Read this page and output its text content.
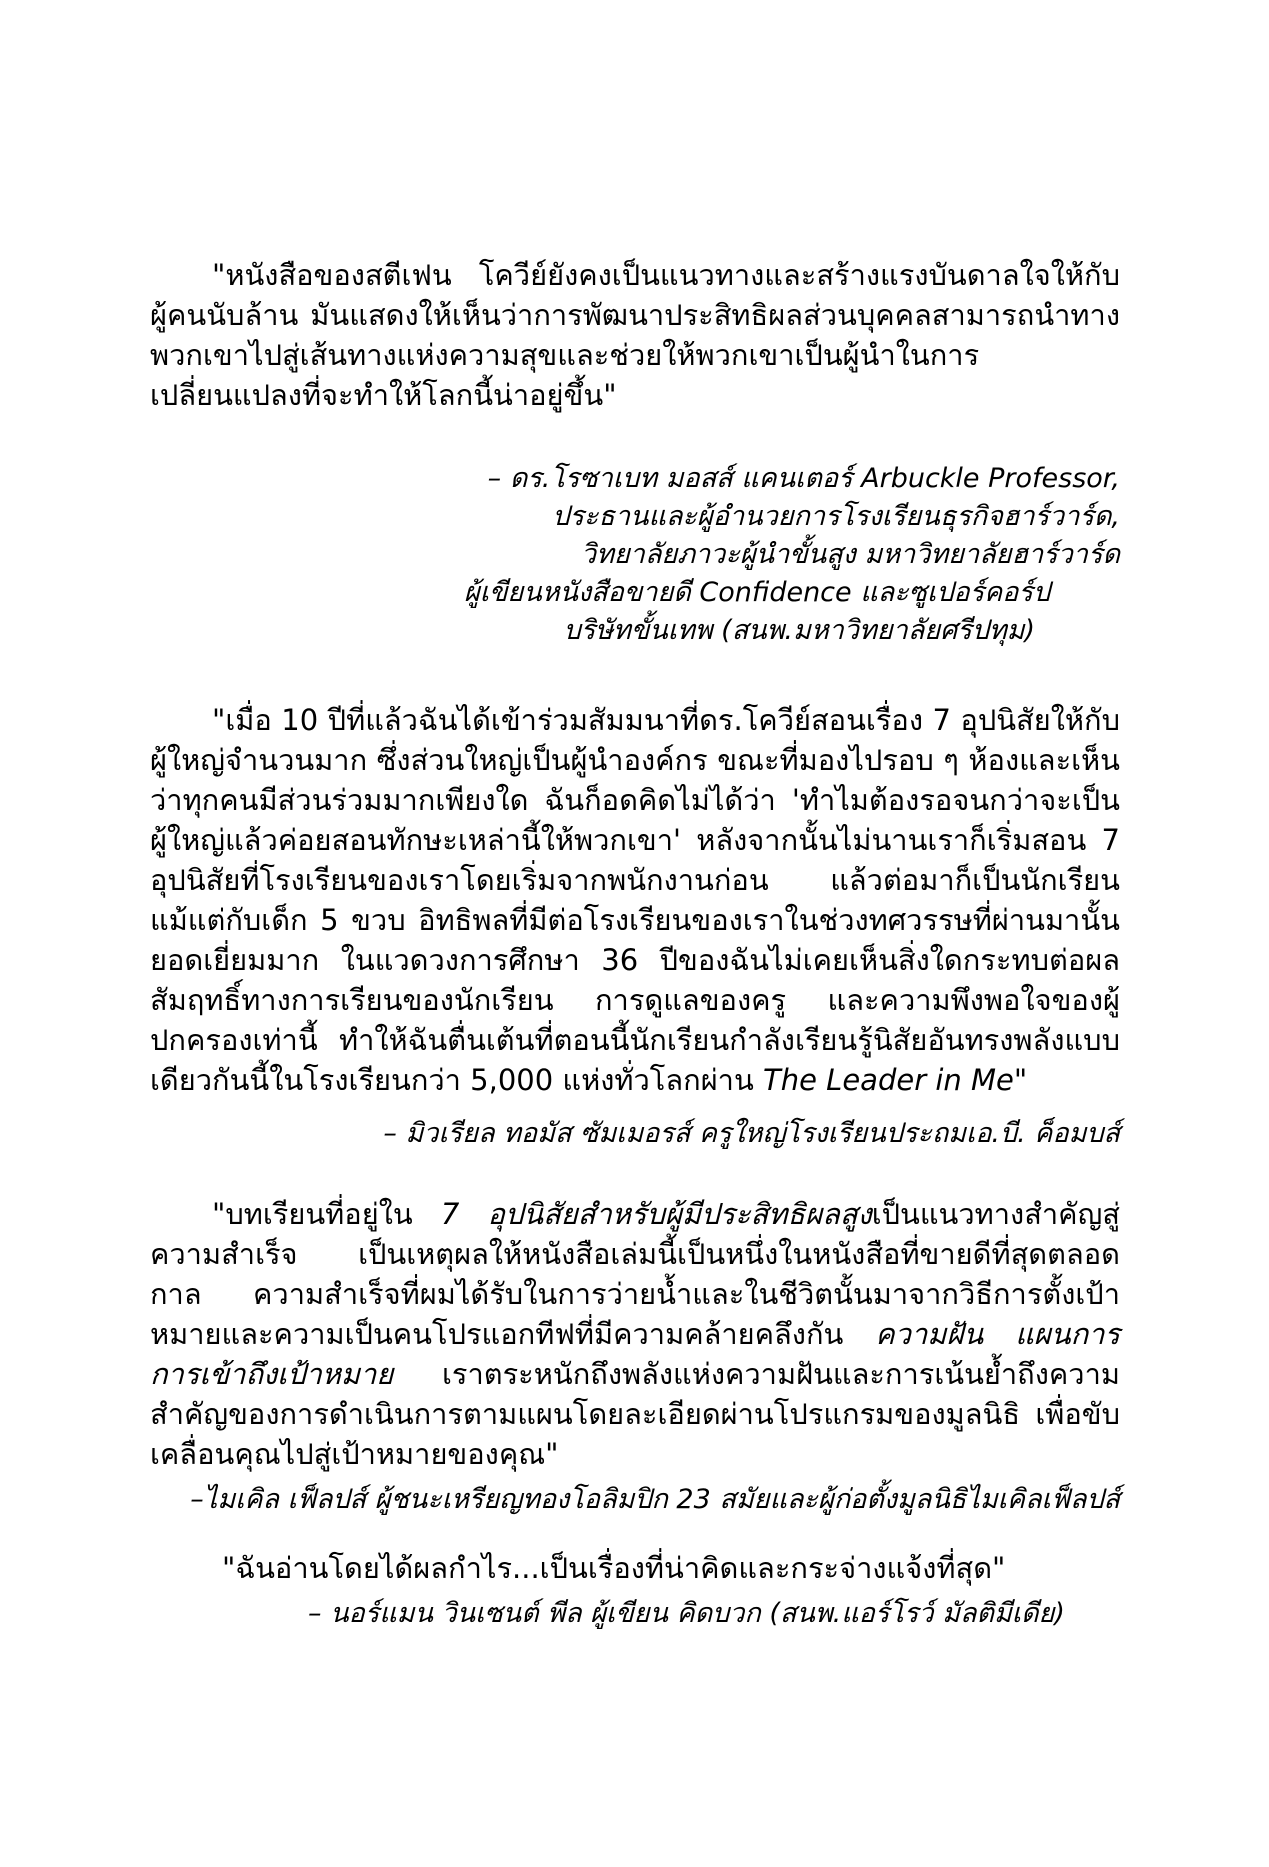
"หนังสือของสตีเฟน โควีย์ยังคงเป็นแนวทางและสร้างแรงบันดาลใจให้กับผู้คนนับล้าน มันแสดงให้เห็นว่าการพัฒนาประสิทธิผลส่วนบุคคลสามารถนำทางพวกเขาไปสู่เส้นทางแห่งความสุขและช่วยให้พวกเขาเป็นผู้นำในการเปลี่ยนแปลงที่จะทำให้โลกนี้น่าอยู่ขึ้น"

– ดร.โรซาเบท มอสส์ แคนเตอร์ Arbuckle Professor,

ประธานและผู้อำนวยการโรงเรียนธุรกิจฮาร์วาร์ด,

วิทยาลัยภาวะผู้นำขั้นสูง มหาวิทยาลัยฮาร์วาร์ด

ผู้เขียนหนังสือขายดี Confidence และซูเปอร์คอร์ป

บริษัทขั้นเทพ (สนพ.มหาวิทยาลัยศรีปทุม)

"เมื่อ 10 ปีที่แล้วฉันได้เข้าร่วมสัมมนาที่ดร.โควีย์สอนเรื่อง 7 อุปนิสัยให้กับผู้ใหญ่จำนวนมาก ซึ่งส่วนใหญ่เป็นผู้นำองค์กร ขณะที่มองไปรอบ ๆ ห้องและเห็นว่าทุกคนมีส่วนร่วมมากเพียงใด ฉันก็อดคิดไม่ได้ว่า 'ทำไมต้องรอจนกว่าจะเป็นผู้ใหญ่แล้วค่อยสอนทักษะเหล่านี้ให้พวกเขา' หลังจากนั้นไม่นานเราก็เริ่มสอน 7 อุปนิสัยที่โรงเรียนของเราโดยเริ่มจากพนักงานก่อน แล้วต่อมาก็เป็นนักเรียน แม้แต่กับเด็ก 5 ขวบ อิทธิพลที่มีต่อโรงเรียนของเราในช่วงทศวรรษที่ผ่านมานั้นยอดเยี่ยมมาก ในแวดวงการศึกษา 36 ปีของฉันไม่เคยเห็นสิ่งใดกระทบต่อผลสัมฤทธิ์ทางการเรียนของนักเรียน การดูแลของครู และความพึงพอใจของผู้ปกครองเท่านี้ ทำให้ฉันตื่นเต้นที่ตอนนี้นักเรียนกำลังเรียนรู้นิสัยอันทรงพลังแบบเดียวกันนี้ในโรงเรียนกว่า 5,000 แห่งทั่วโลกผ่าน The Leader in Me"

– มิวเรียล ทอมัส ซัมเมอรส์ ครูใหญ่โรงเรียนประถมเอ.บี. ค็อมบส์

"บทเรียนที่อยู่ใน 7 อุปนิสัยสำหรับผู้มีประสิทธิผลสูงเป็นแนวทางสำคัญสู่ความสำเร็จ เป็นเหตุผลให้หนังสือเล่มนี้เป็นหนึ่งในหนังสือที่ขายดีที่สุดตลอดกาล ความสำเร็จที่ผมได้รับในการว่ายน้ำและในชีวิตนั้นมาจากวิธีการตั้งเป้าหมายและความเป็นคนโปรแอกทีฟที่มีความคล้ายคลึงกัน ความฝัน แผนการ การเข้าถึงเป้าหมาย เราตระหนักถึงพลังแห่งความฝันและการเน้นย้ำถึงความสำคัญของการดำเนินการตามแผนโดยละเอียดผ่านโปรแกรมของมูลนิธิ เพื่อขับเคลื่อนคุณไปสู่เป้าหมายของคุณ"

–ไมเคิล เฟ็ลปส์ ผู้ชนะเหรียญทองโอลิมปิก 23 สมัยและผู้ก่อตั้งมูลนิธิไมเคิลเฟ็ลปส์

"ฉันอ่านโดยได้ผลกำไร...เป็นเรื่องที่น่าคิดและกระจ่างแจ้งที่สุด"

– นอร์แมน วินเซนต์ พีล ผู้เขียน คิดบวก (สนพ.แอร์โรว์ มัลติมีเดีย)
